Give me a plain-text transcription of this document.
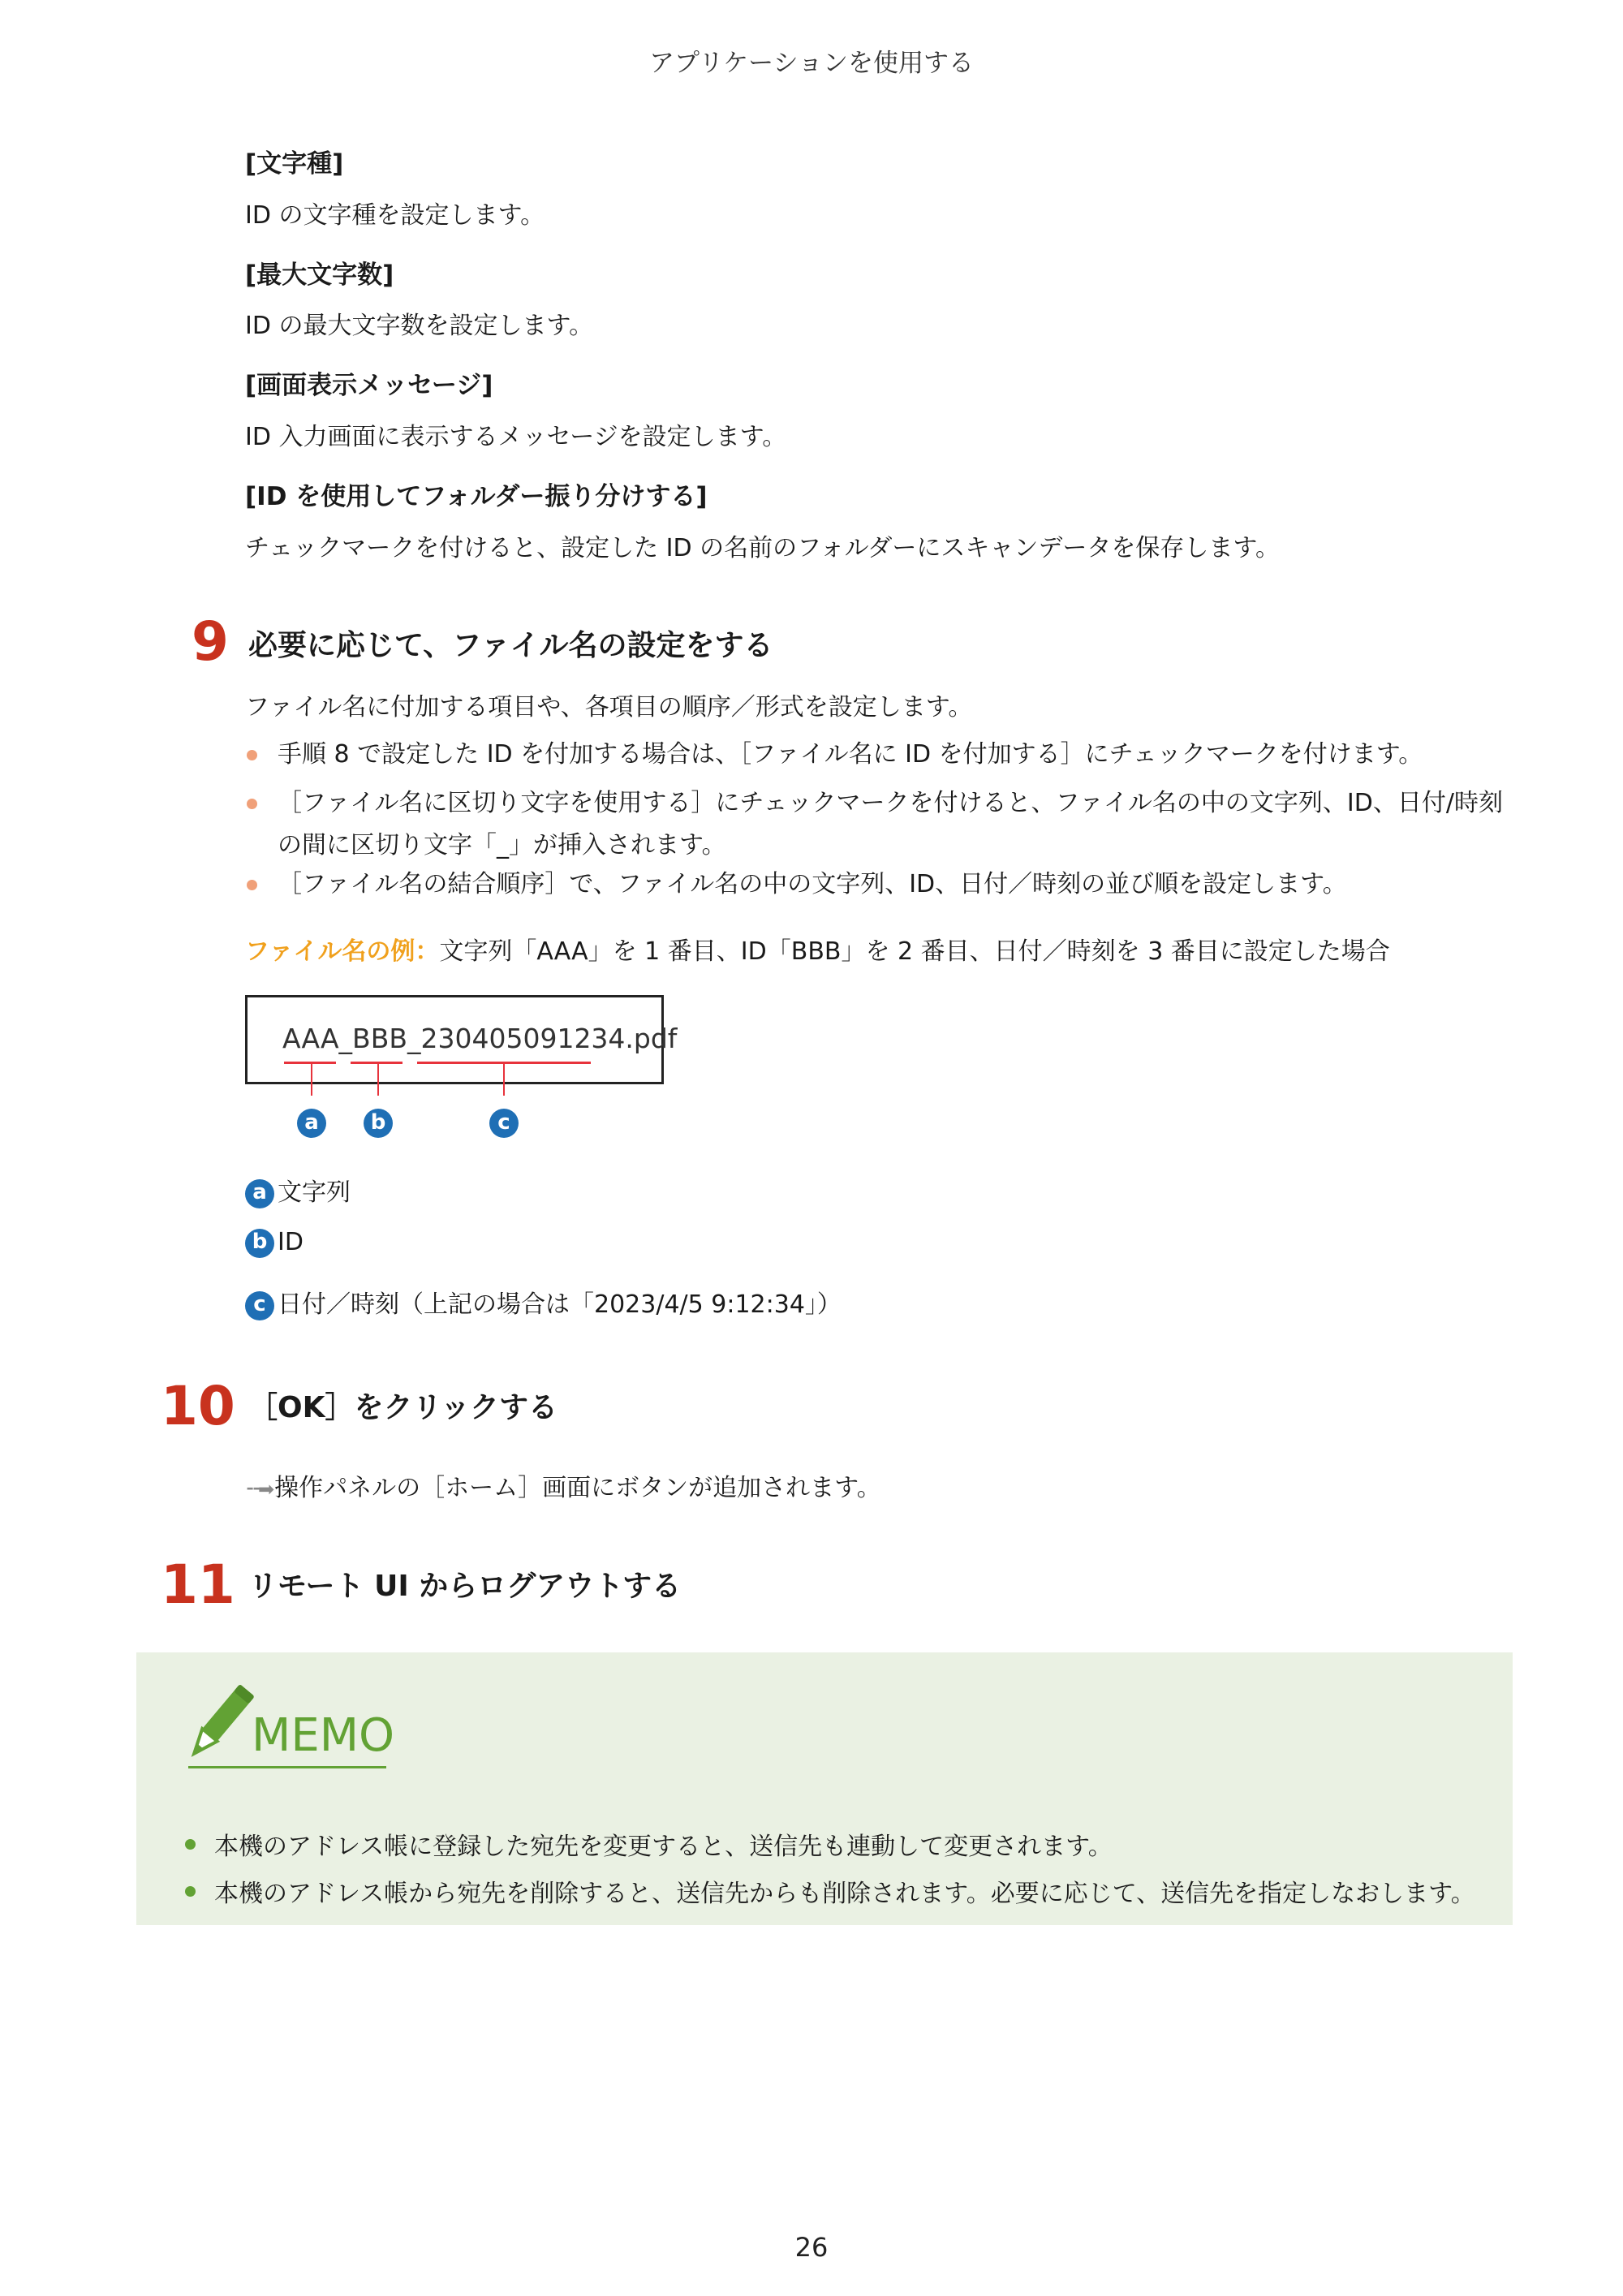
アプリケーションを使用する
[文字種]
ID の文字種を設定します。
[最大文字数]
ID の最大文字数を設定します。
[画面表示メッセージ]
ID 入力画面に表示するメッセージを設定します。
[ID を使用してフォルダー振り分けする]
チェックマークを付けると、設定した ID の名前のフォルダーにスキャンデータを保存します。
9 必要に応じて、ファイル名の設定をする
ファイル名に付加する項目や、各項目の順序／形式を設定します。
手順 8 で設定した ID を付加する場合は、［ファイル名に ID を付加する］にチェックマークを付けます。
［ファイル名に区切り文字を使用する］にチェックマークを付けると、ファイル名の中の文字列、ID、日付/時刻の間に区切り文字「_」が挿入されます。
［ファイル名の結合順序］で、ファイル名の中の文字列、ID、日付／時刻の並び順を設定します。
ファイル名の例：文字列「AAA」を 1 番目、ID「BBB」を 2 番目、日付／時刻を 3 番目に設定した場合
AAA_BBB_230405091234.pdf
a	b	c
a 文字列
b ID
c 日付／時刻（上記の場合は「2023/4/5 9:12:34」）
10 ［OK］をクリックする
⁃⁃➡ 操作パネルの［ホーム］画面にボタンが追加されます。
11 リモート UI からログアウトする
MEMO
本機のアドレス帳に登録した宛先を変更すると、送信先も連動して変更されます。
本機のアドレス帳から宛先を削除すると、送信先からも削除されます。必要に応じて、送信先を指定しなおします。
26
